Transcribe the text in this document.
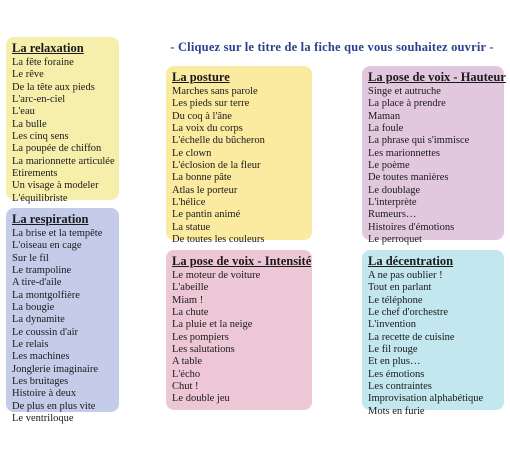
- Cliquez sur le titre de la fiche que vous souhaitez ouvrir -
La relaxation
La fête foraine
Le rêve
De la tête aux pieds
L'arc-en-ciel
L'eau
La bulle
Les cinq sens
La poupée de chiffon
La marionnette articulée
Etirements
Un visage à modeler
L'équilibriste
La respiration
La brise et la tempête
L'oiseau en cage
Sur le fil
Le trampoline
A tire-d'aile
La montgolfière
La bougie
La dynamite
Le coussin d'air
Le relais
Les machines
Jonglerie imaginaire
Les bruitages
Histoire à deux
De plus en plus vite
Le ventriloque
La posture
Marches sans parole
Les pieds sur terre
Du coq à l'âne
La voix du corps
L'échelle du bûcheron
Le clown
L'éclosion de la fleur
La bonne pâte
Atlas le porteur
L'hélice
Le pantin animé
La statue
De toutes les couleurs
La pose de voix - Intensité
Le moteur de voiture
L'abeille
Miam !
La chute
La pluie et la neige
Les pompiers
Les salutations
A table
L'écho
Chut !
Le double jeu
La pose de voix - Hauteur
Singe et autruche
La place à prendre
Maman
La foule
La phrase qui s'immisce
Les marionnettes
Le poème
De toutes manières
Le doublage
L'interprète
Rumeurs…
Histoires d'émotions
Le perroquet
La décentration
A ne pas oublier !
Tout en parlant
Le téléphone
Le chef d'orchestre
L'invention
La recette de cuisine
Le fil rouge
Et en plus…
Les émotions
Les contraintes
Improvisation alphabétique
Mots en furie
